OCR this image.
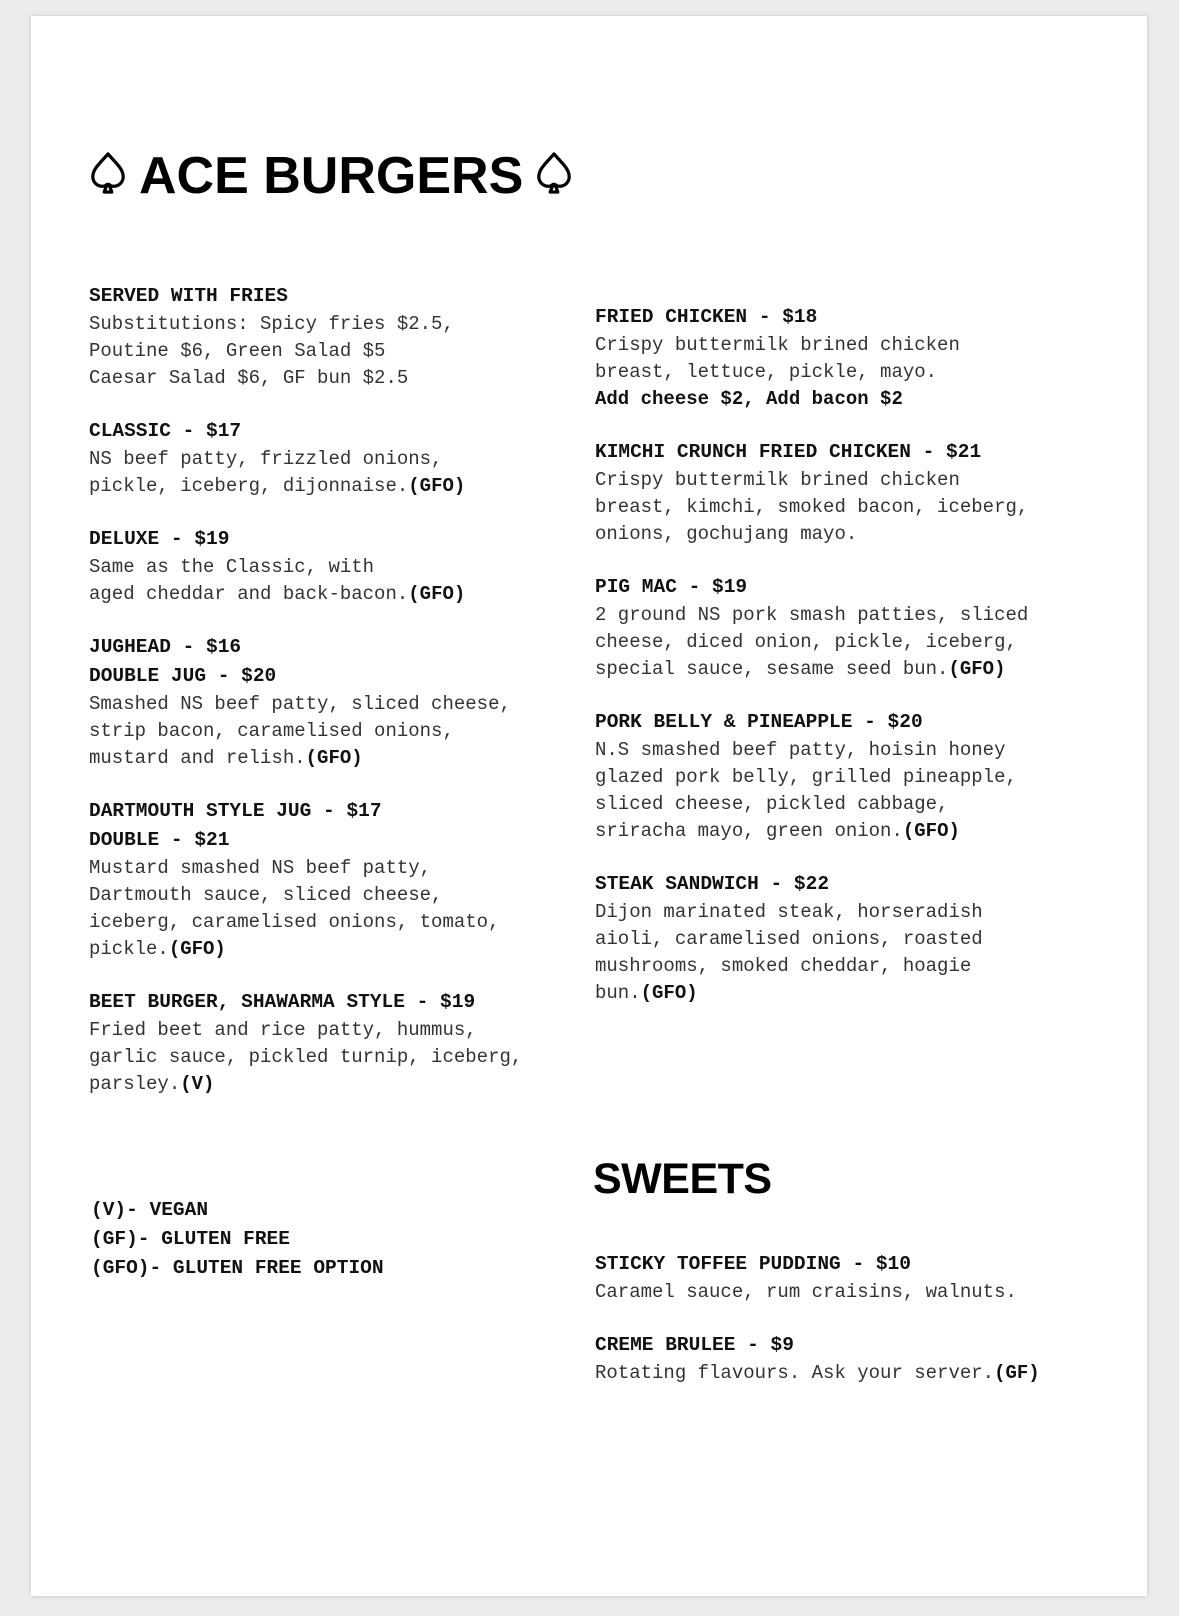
ACE BURGERS
SERVED WITH FRIES
Substitutions: Spicy fries $2.5,
Poutine $6, Green Salad $5
Caesar Salad $6, GF bun $2.5
CLASSIC - $17
NS beef patty, frizzled onions,
pickle, iceberg, dijonnaise.(GFO)
DELUXE - $19
Same as the Classic, with
aged cheddar and back-bacon.(GFO)
JUGHEAD - $16
DOUBLE JUG - $20
Smashed NS beef patty, sliced cheese,
strip bacon, caramelised onions,
mustard and relish.(GFO)
DARTMOUTH STYLE JUG - $17
DOUBLE - $21
Mustard smashed NS beef patty,
Dartmouth sauce, sliced cheese,
iceberg, caramelised onions, tomato,
pickle.(GFO)
BEET BURGER, SHAWARMA STYLE - $19
Fried beet and rice patty, hummus,
garlic sauce, pickled turnip, iceberg,
parsley.(V)
FRIED CHICKEN - $18
Crispy buttermilk brined chicken
breast, lettuce, pickle, mayo.
Add cheese $2, Add bacon $2
KIMCHI CRUNCH FRIED CHICKEN - $21
Crispy buttermilk brined chicken
breast, kimchi, smoked bacon, iceberg,
onions, gochujang mayo.
PIG MAC - $19
2 ground NS pork smash patties, sliced
cheese, diced onion, pickle, iceberg,
special sauce, sesame seed bun.(GFO)
PORK BELLY & PINEAPPLE - $20
N.S smashed beef patty, hoisin honey
glazed pork belly, grilled pineapple,
sliced cheese, pickled cabbage,
sriracha mayo, green onion.(GFO)
STEAK SANDWICH - $22
Dijon marinated steak, horseradish
aioli, caramelised onions, roasted
mushrooms, smoked cheddar, hoagie
bun.(GFO)
(V)- VEGAN
(GF)- GLUTEN FREE
(GFO)- GLUTEN FREE OPTION
SWEETS
STICKY TOFFEE PUDDING - $10
Caramel sauce, rum craisins, walnuts.
CREME BRULEE - $9
Rotating flavours. Ask your server.(GF)
